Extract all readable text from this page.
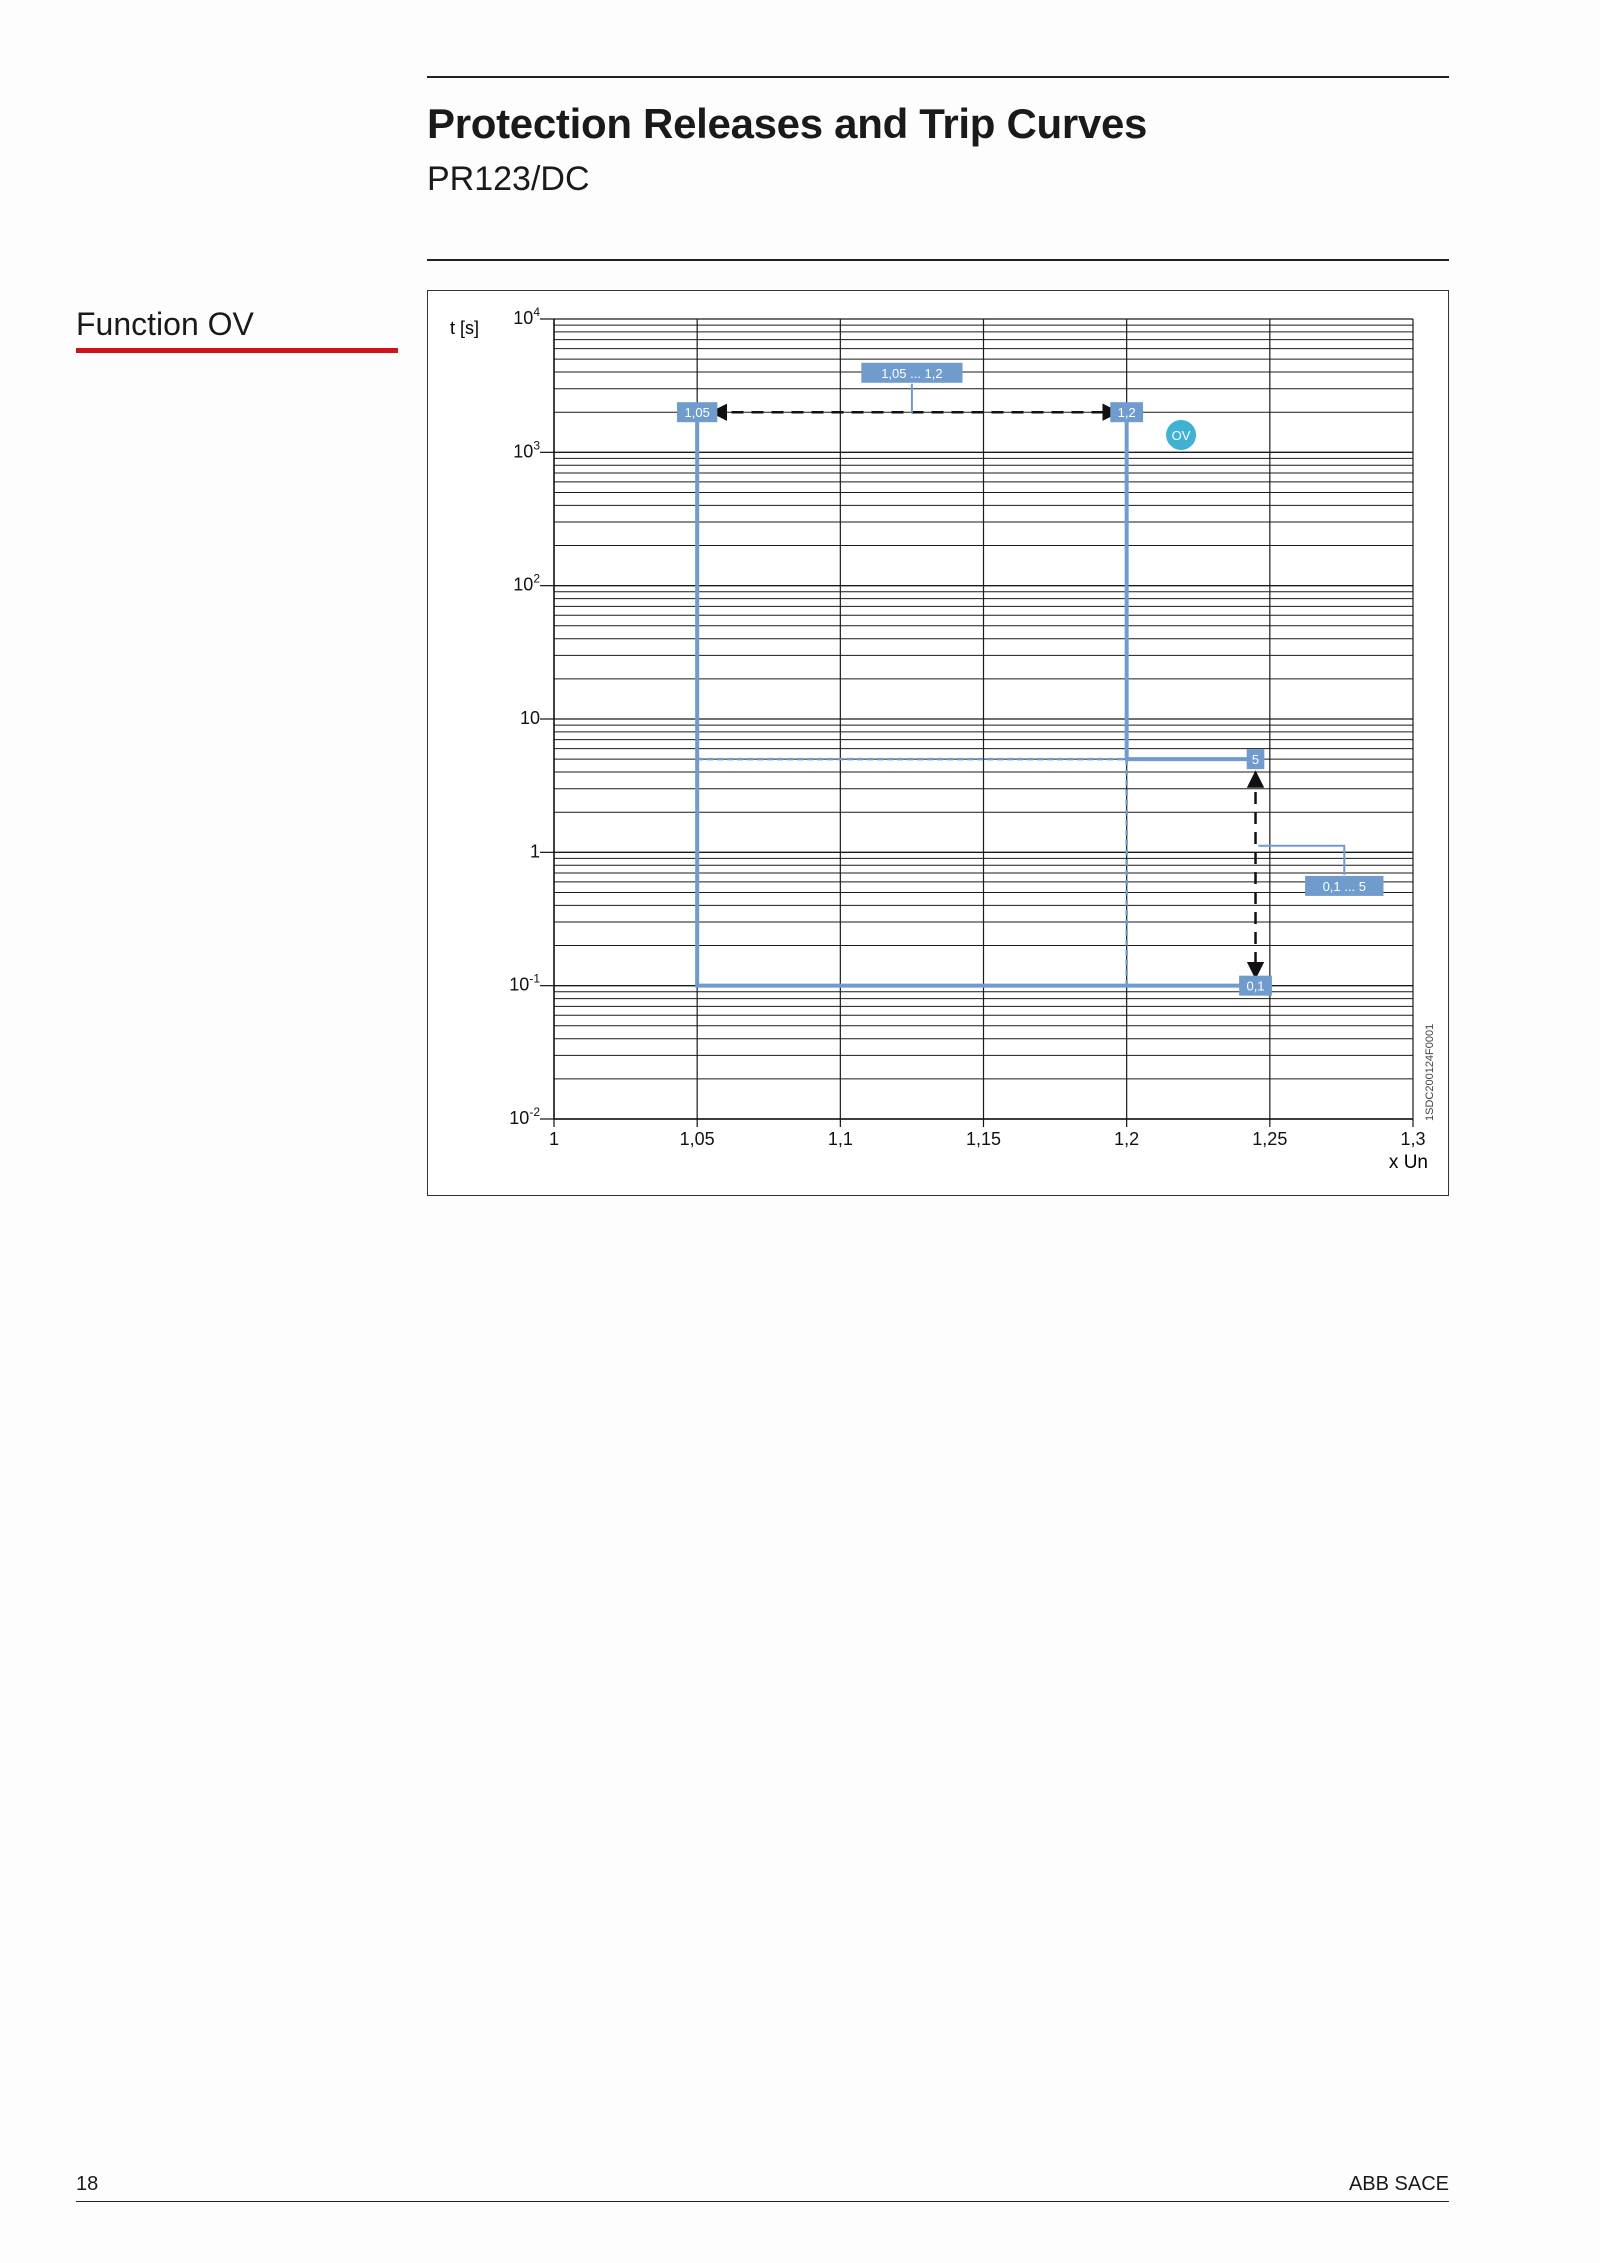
Protection Releases and Trip Curves
PR123/DC
Function OV
1,05 ... 1,2
1,05	1,2
5
0,1 ... 5
0,1
OV
$10^4$
$10^3$
$10^2$
10
1
$10^{-1}$
$10^{-2}$
1	1,05	1,1	1,15	1,2	1,25	1,3
t [s]
x Un
1SDC200124F0001
18	ABB SACE
